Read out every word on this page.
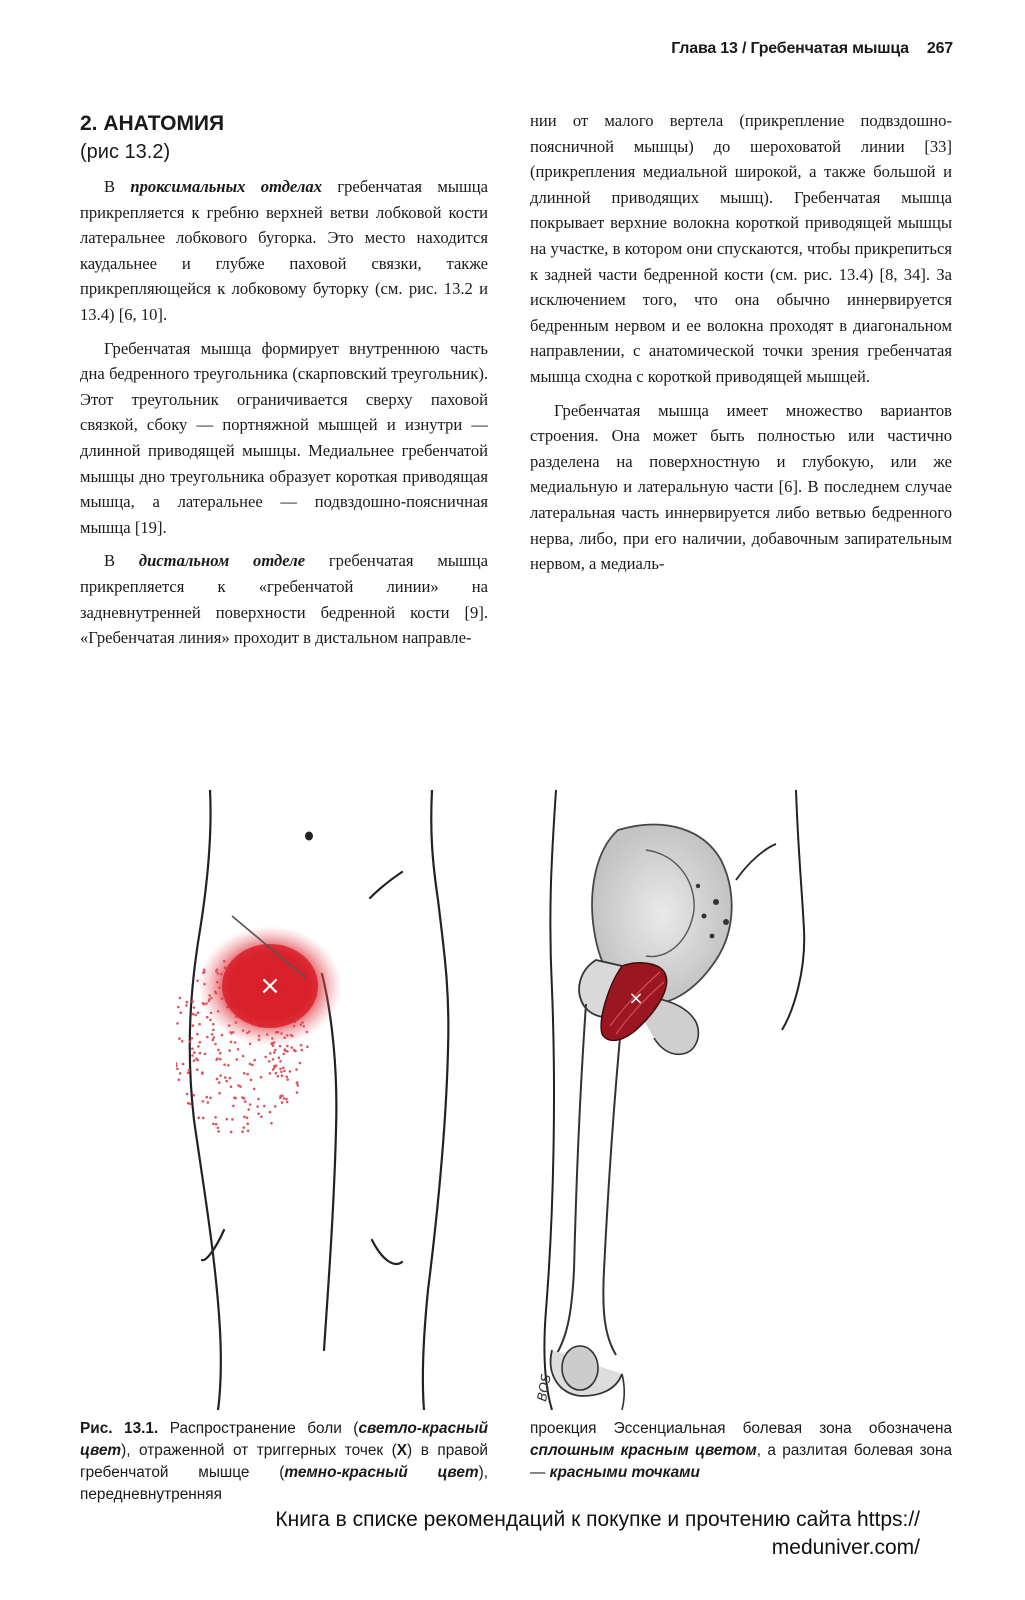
Глава 13 / Гребенчатая мышца 267
2. АНАТОМИЯ
(рис 13.2)

В проксимальных отделах гребенчатая мышца прикрепляется к гребню верхней ветви лобковой кости латеральнее лобкового бугорка. Это место находится каудальнее и глубже паховой связки, также прикрепляющейся к лобковому буторку (см. рис. 13.2 и 13.4) [6, 10].

Гребенчатая мышца формирует внутреннюю часть дна бедренного треугольника (скарповский треугольник). Этот треугольник ограничивается сверху паховой связкой, сбоку — портняжной мышцей и изнутри — длинной приводящей мышцы. Медиальнее гребенчатой мышцы дно треугольника образует короткая приводящая мышца, а латеральнее — подвздошно-поясничная мышца [19].

В дистальном отделе гребенчатая мышца прикрепляется к «гребенчатой линии» на задневнутренней поверхности бедренной кости [9]. «Гребенчатая линия» проходит в дистальном направле-

нии от малого вертела (прикрепление подвздошно-поясничной мышцы) до шероховатой линии [33] (прикрепления медиальной широкой, а также большой и длинной приводящих мышц). Гребенчатая мышца покрывает верхние волокна короткой приводящей мышцы на участке, в котором они спускаются, чтобы прикрепиться к задней части бедренной кости (см. рис. 13.4) [8, 34]. За исключением того, что она обычно иннервируется бедренным нервом и ее волокна проходят в диагональном направлении, с анатомической точки зрения гребенчатая мышца сходна с короткой приводящей мышцей.

Гребенчатая мышца имеет множество вариантов строения. Она может быть полностью или частично разделена на поверхностную и глубокую, или же медиальную и латеральную части [6]. В последнем случае латеральная часть иннервируется либо ветвью бедренного нерва, либо, при его наличии, добавочным запирательным нервом, а медиаль-

×	×
BOS

Рис. 13.1. Распространение боли (светло-красный цвет), отраженной от триггерных точек (X) в правой гребенчатой мышце (темно-красный цвет), передневнутренняя

проекция Эссенциальная болевая зона обозначена сплошным красным цветом, а разлитая болевая зона — красными точками

Книга в списке рекомендаций к покупке и прочтению сайта https:// meduniver.com/
